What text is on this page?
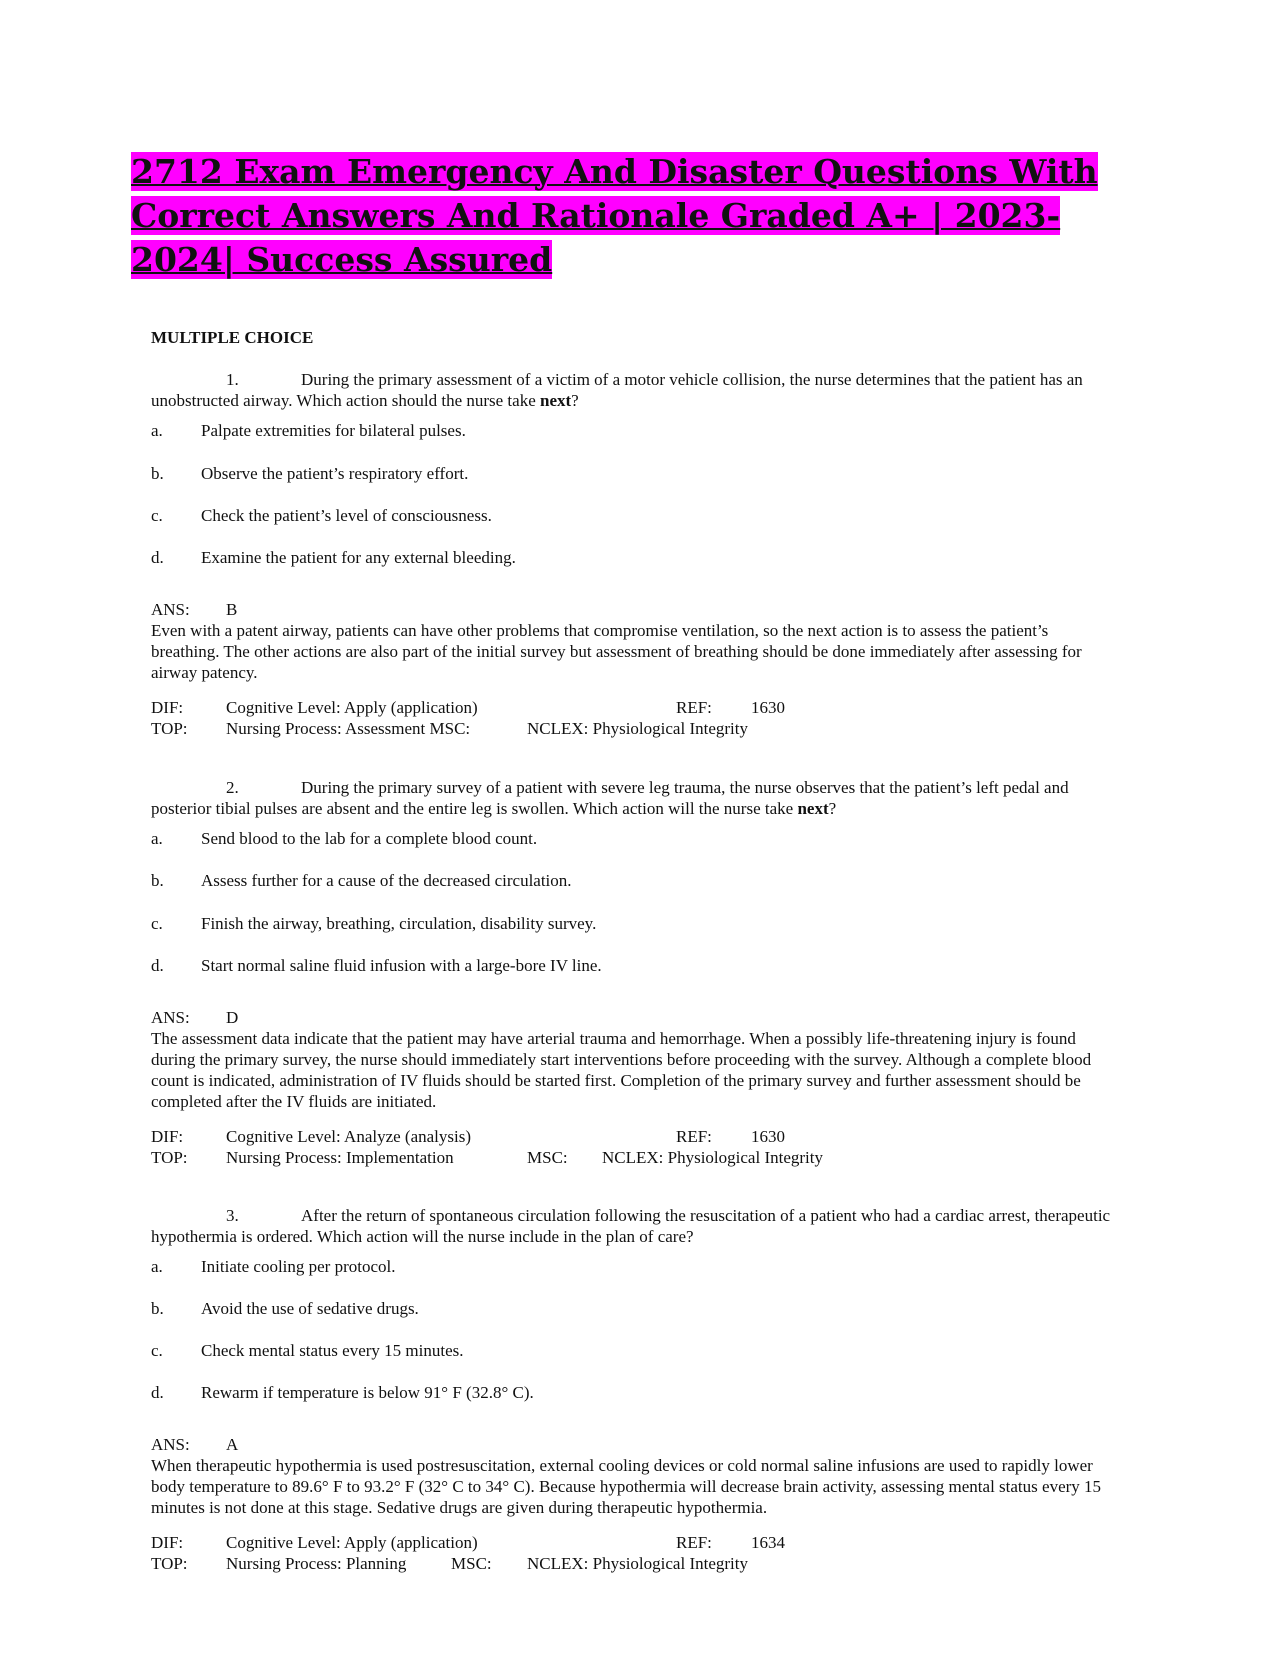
2712 Exam Emergency And Disaster Questions With Correct Answers And Rationale Graded A+ | 2023-2024| Success Assured
MULTIPLE CHOICE
1.	During the primary assessment of a victim of a motor vehicle collision, the nurse determines that the patient has an unobstructed airway. Which action should the nurse take next?
a. Palpate extremities for bilateral pulses.
b. Observe the patient’s respiratory effort.
c. Check the patient’s level of consciousness.
d. Examine the patient for any external bleeding.
ANS: B
Even with a patent airway, patients can have other problems that compromise ventilation, so the next action is to assess the patient’s breathing. The other actions are also part of the initial survey but assessment of breathing should be done immediately after assessing for airway patency.
DIF:	Cognitive Level: Apply (application)	REF: 1630
TOP: Nursing Process: Assessment MSC:	NCLEX: Physiological Integrity
2.	During the primary survey of a patient with severe leg trauma, the nurse observes that the patient’s left pedal and posterior tibial pulses are absent and the entire leg is swollen. Which action will the nurse take next?
a. Send blood to the lab for a complete blood count.
b. Assess further for a cause of the decreased circulation.
c. Finish the airway, breathing, circulation, disability survey.
d. Start normal saline fluid infusion with a large-bore IV line.
ANS: D
The assessment data indicate that the patient may have arterial trauma and hemorrhage. When a possibly life-threatening injury is found during the primary survey, the nurse should immediately start interventions before proceeding with the survey. Although a complete blood count is indicated, administration of IV fluids should be started first. Completion of the primary survey and further assessment should be completed after the IV fluids are initiated.
DIF:	Cognitive Level: Analyze (analysis)	REF: 1630
TOP: Nursing Process: Implementation	MSC: NCLEX: Physiological Integrity
3.	After the return of spontaneous circulation following the resuscitation of a patient who had a cardiac arrest, therapeutic hypothermia is ordered. Which action will the nurse include in the plan of care?
a. Initiate cooling per protocol.
b. Avoid the use of sedative drugs.
c. Check mental status every 15 minutes.
d. Rewarm if temperature is below 91° F (32.8° C).
ANS: A
When therapeutic hypothermia is used postresuscitation, external cooling devices or cold normal saline infusions are used to rapidly lower body temperature to 89.6° F to 93.2° F (32° C to 34° C). Because hypothermia will decrease brain activity, assessing mental status every 15 minutes is not done at this stage. Sedative drugs are given during therapeutic hypothermia.
DIF:	Cognitive Level: Apply (application)	REF: 1634
TOP: Nursing Process: Planning	MSC: NCLEX: Physiological Integrity
